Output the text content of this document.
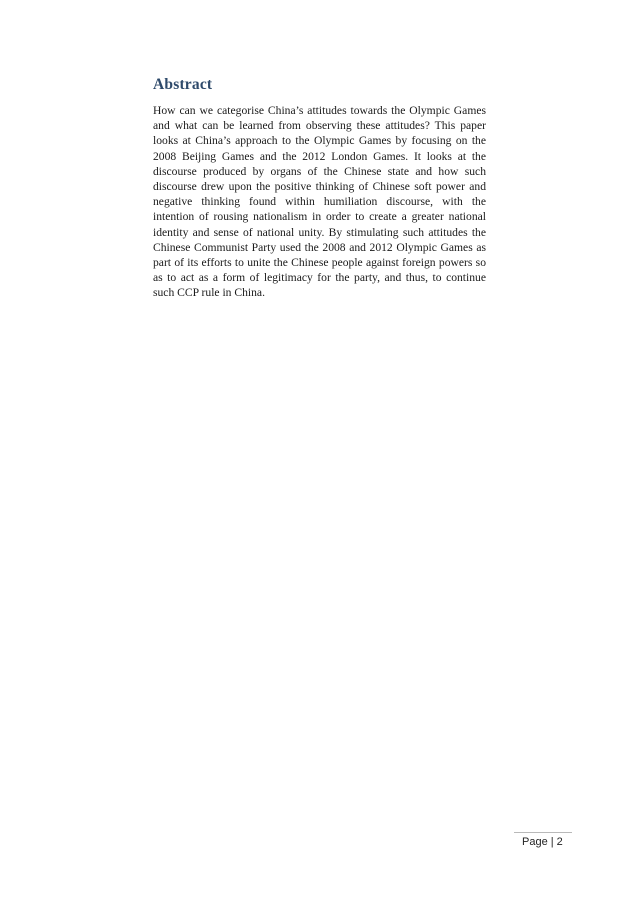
Abstract

How can we categorise China’s attitudes towards the Olympic Games and what can be learned from observing these attitudes? This paper looks at China’s approach to the Olympic Games by focusing on the 2008 Beijing Games and the 2012 London Games. It looks at the discourse produced by organs of the Chinese state and how such discourse drew upon the positive thinking of Chinese soft power and negative thinking found within humiliation discourse, with the intention of rousing nationalism in order to create a greater national identity and sense of national unity. By stimulating such attitudes the Chinese Communist Party used the 2008 and 2012 Olympic Games as part of its efforts to unite the Chinese people against foreign powers so as to act as a form of legitimacy for the party, and thus, to continue such CCP rule in China.

Page | 2
